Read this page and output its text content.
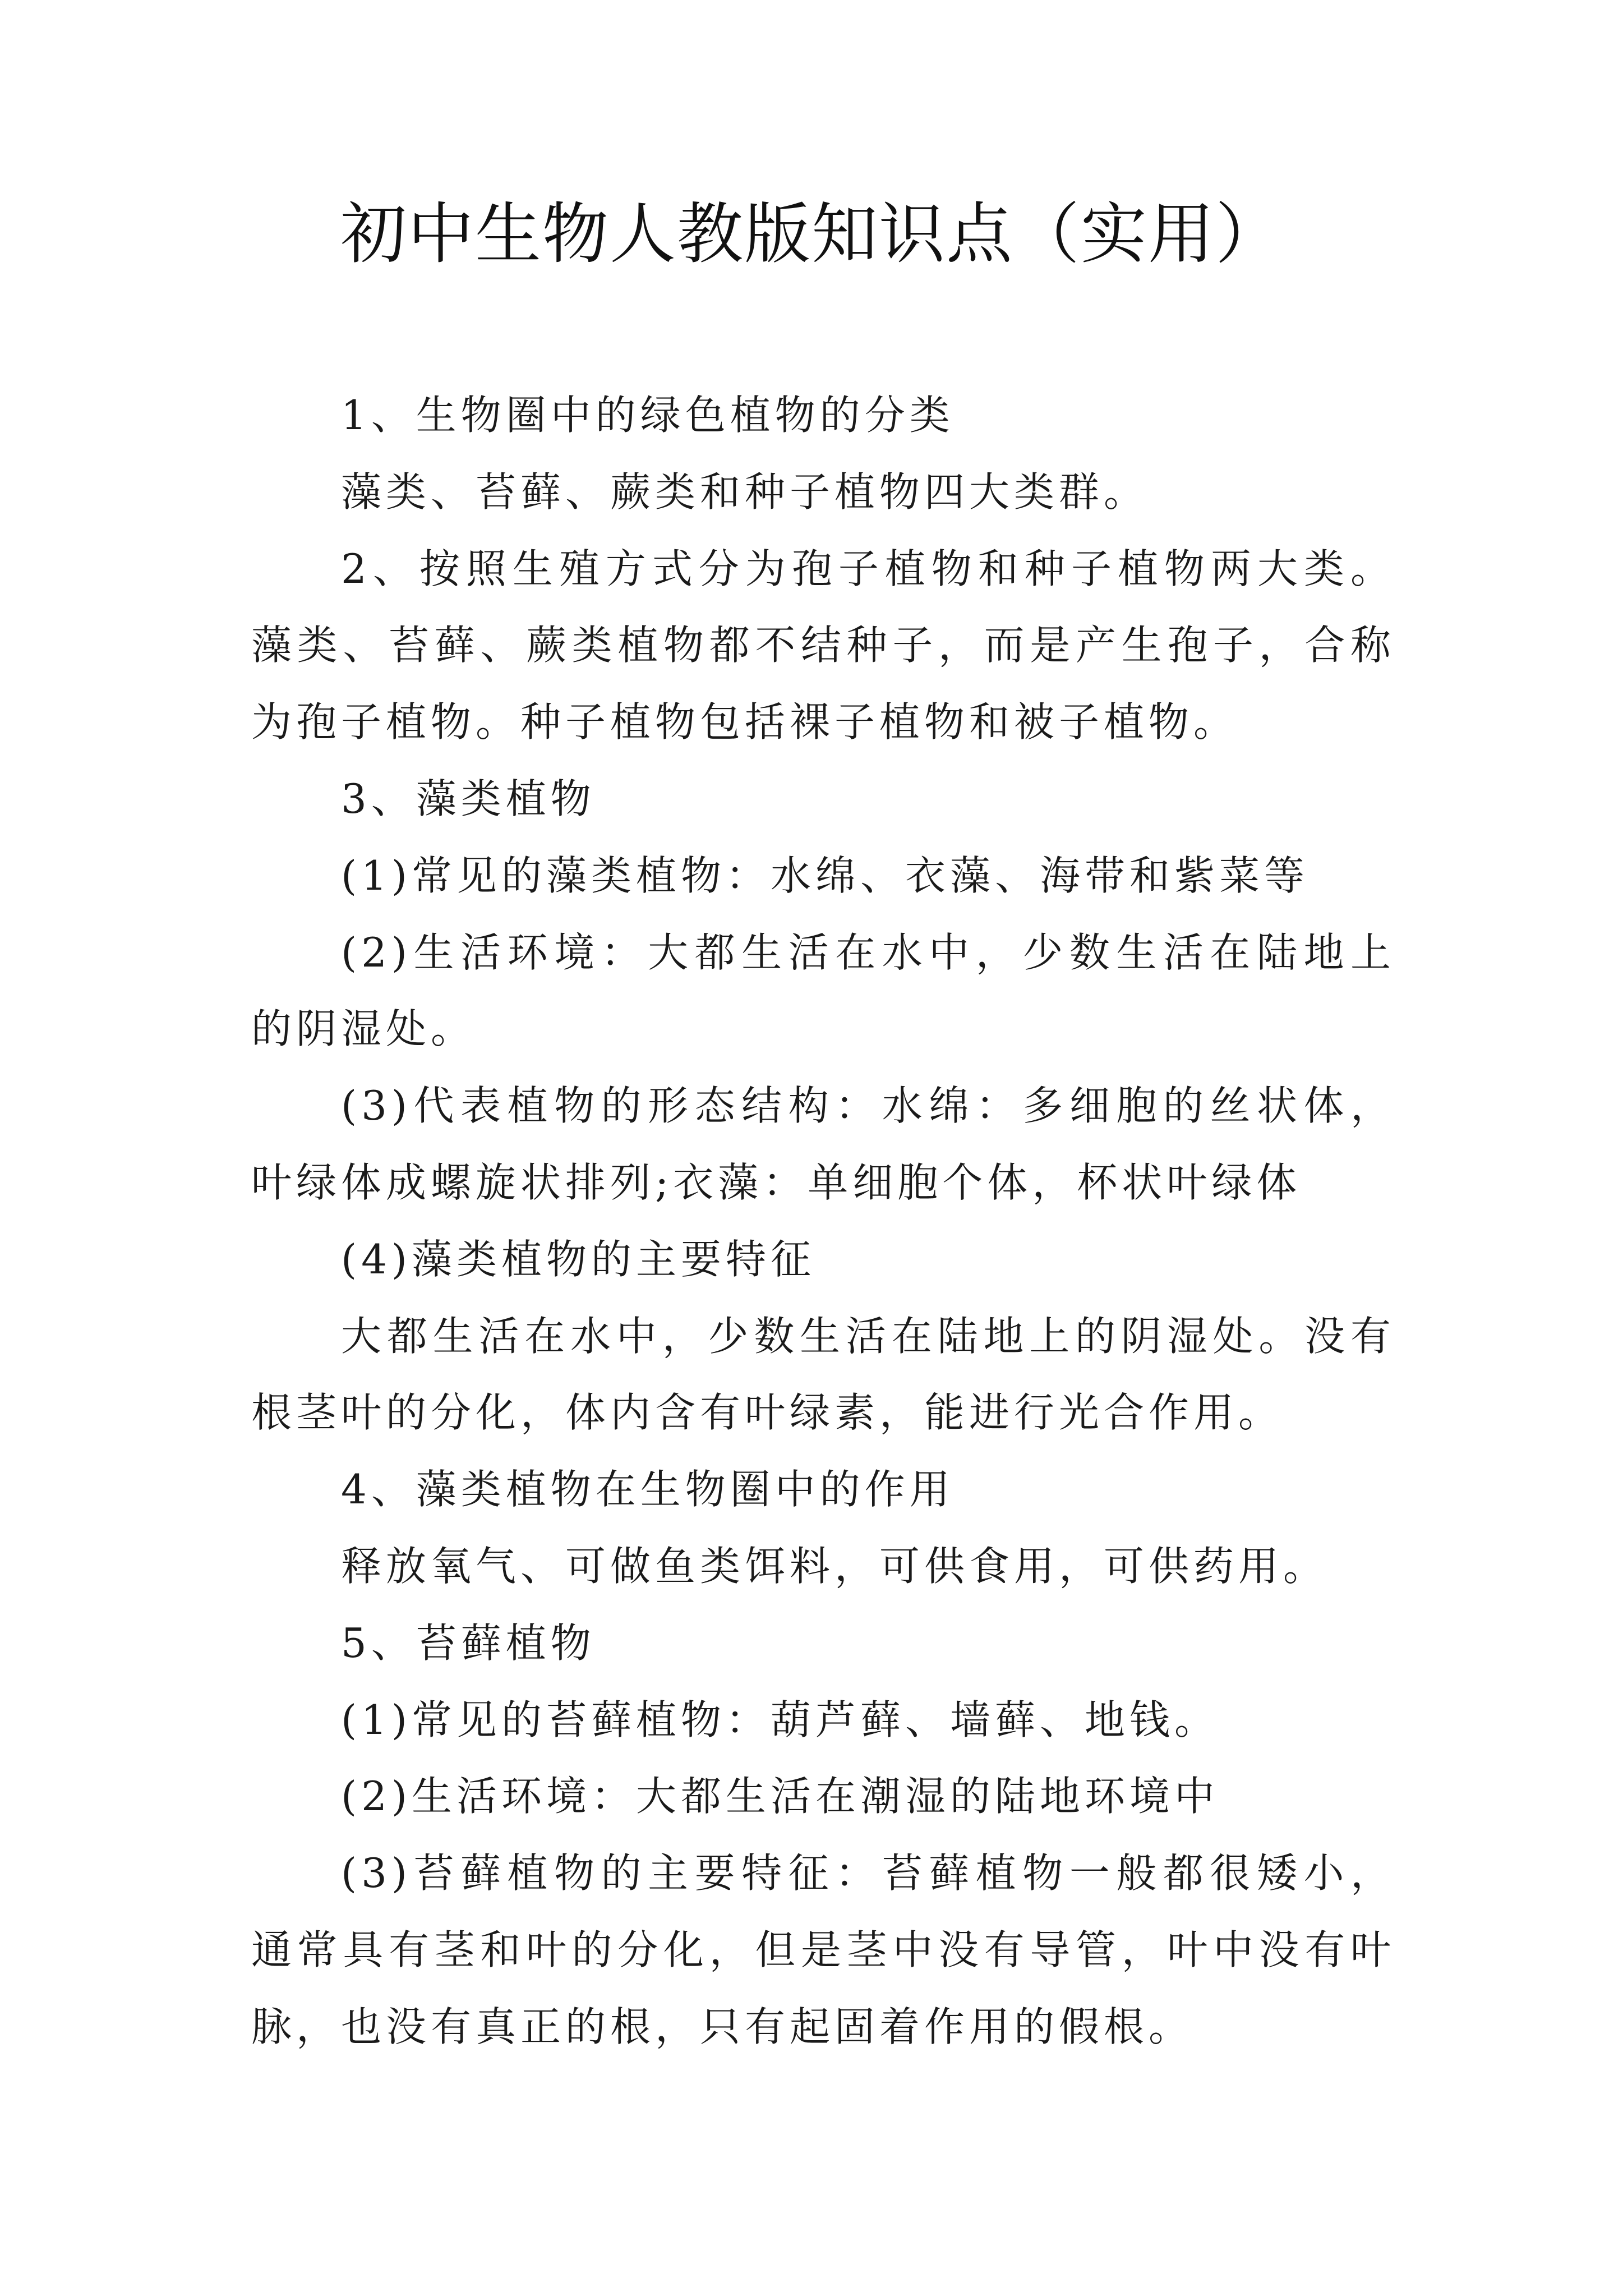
初中生物人教版知识点（实用）

1、生物圈中的绿色植物的分类

藻类、苔藓、蕨类和种子植物四大类群。

2、按照生殖方式分为孢子植物和种子植物两大类。藻类、苔藓、蕨类植物都不结种子，而是产生孢子，合称为孢子植物。种子植物包括裸子植物和被子植物。

3、藻类植物

(1)常见的藻类植物：水绵、衣藻、海带和紫菜等

(2)生活环境：大都生活在水中，少数生活在陆地上的阴湿处。

(3)代表植物的形态结构：水绵：多细胞的丝状体，叶绿体成螺旋状排列;衣藻：单细胞个体，杯状叶绿体

(4)藻类植物的主要特征

大都生活在水中，少数生活在陆地上的阴湿处。没有根茎叶的分化，体内含有叶绿素，能进行光合作用。

4、藻类植物在生物圈中的作用

释放氧气、可做鱼类饵料，可供食用，可供药用。

5、苔藓植物

(1)常见的苔藓植物：葫芦藓、墙藓、地钱。

(2)生活环境：大都生活在潮湿的陆地环境中

(3)苔藓植物的主要特征：苔藓植物一般都很矮小，通常具有茎和叶的分化，但是茎中没有导管，叶中没有叶脉，也没有真正的根，只有起固着作用的假根。
